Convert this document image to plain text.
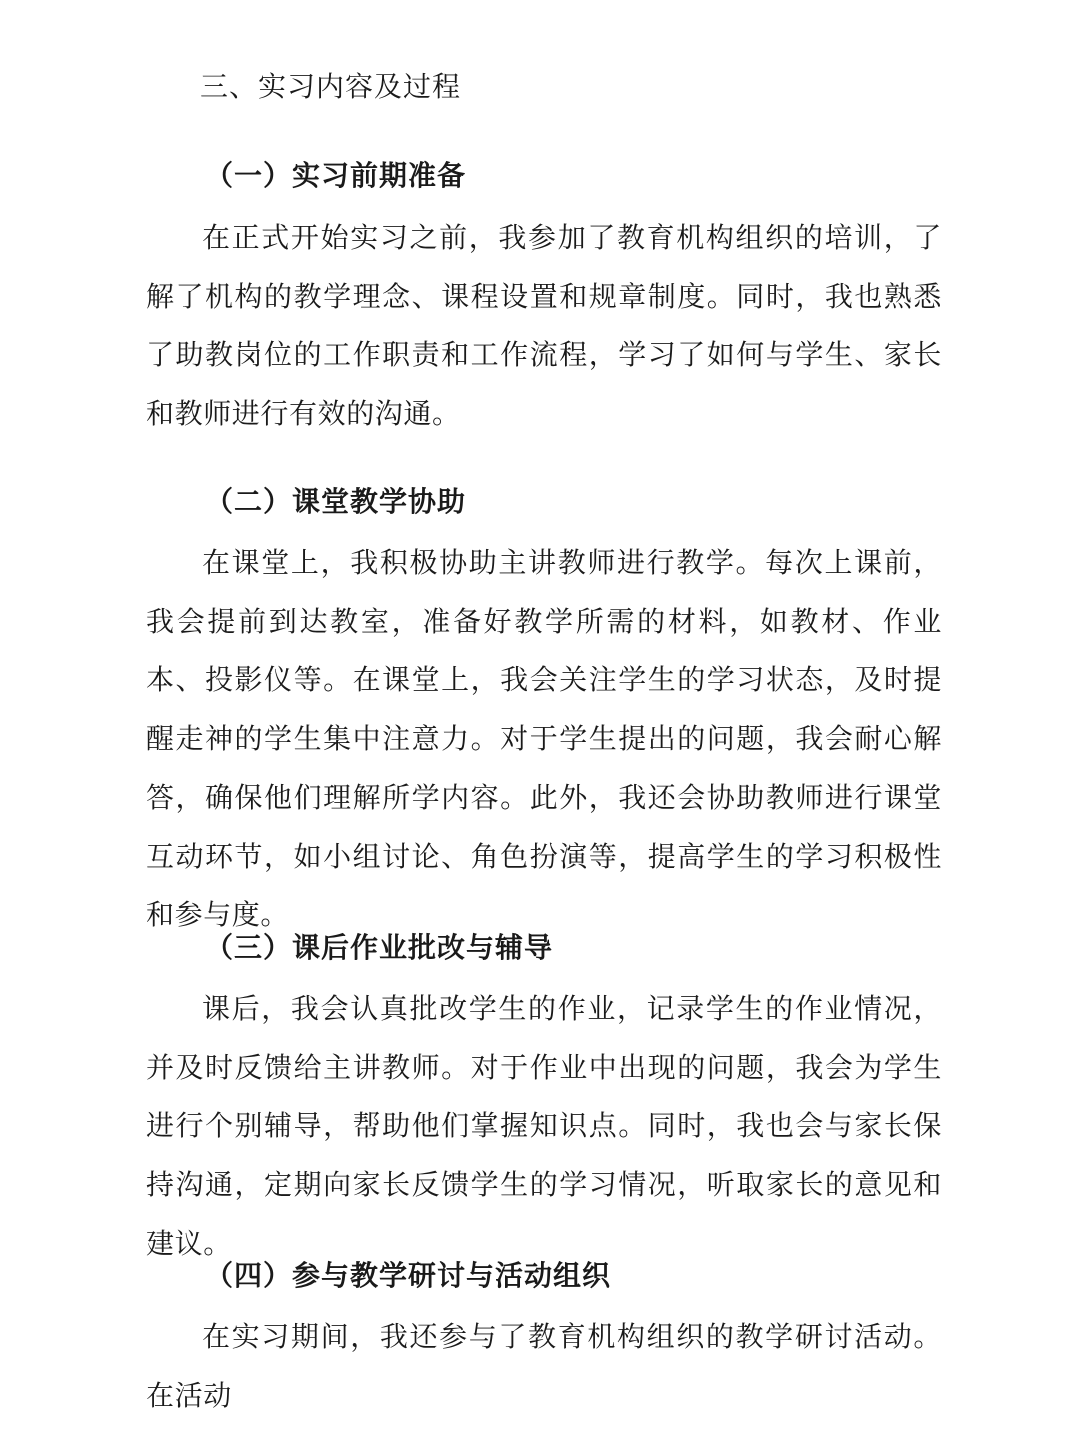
三、实习内容及过程
（一）实习前期准备

在正式开始实习之前，我参加了教育机构组织的培训，了解了机构的教学理念、课程设置和规章制度。同时，我也熟悉了助教岗位的工作职责和工作流程，学习了如何与学生、家长和教师进行有效的沟通。

（二）课堂教学协助

在课堂上，我积极协助主讲教师进行教学。每次上课前，我会提前到达教室，准备好教学所需的材料，如教材、作业本、投影仪等。在课堂上，我会关注学生的学习状态，及时提醒走神的学生集中注意力。对于学生提出的问题，我会耐心解答，确保他们理解所学内容。此外，我还会协助教师进行课堂互动环节，如小组讨论、角色扮演等，提高学生的学习积极性和参与度。

（三）课后作业批改与辅导

课后，我会认真批改学生的作业，记录学生的作业情况，并及时反馈给主讲教师。对于作业中出现的问题，我会为学生进行个别辅导，帮助他们掌握知识点。同时，我也会与家长保持沟通，定期向家长反馈学生的学习情况，听取家长的意见和建议。

（四）参与教学研讨与活动组织

在实习期间，我还参与了教育机构组织的教学研讨活动。在活动
